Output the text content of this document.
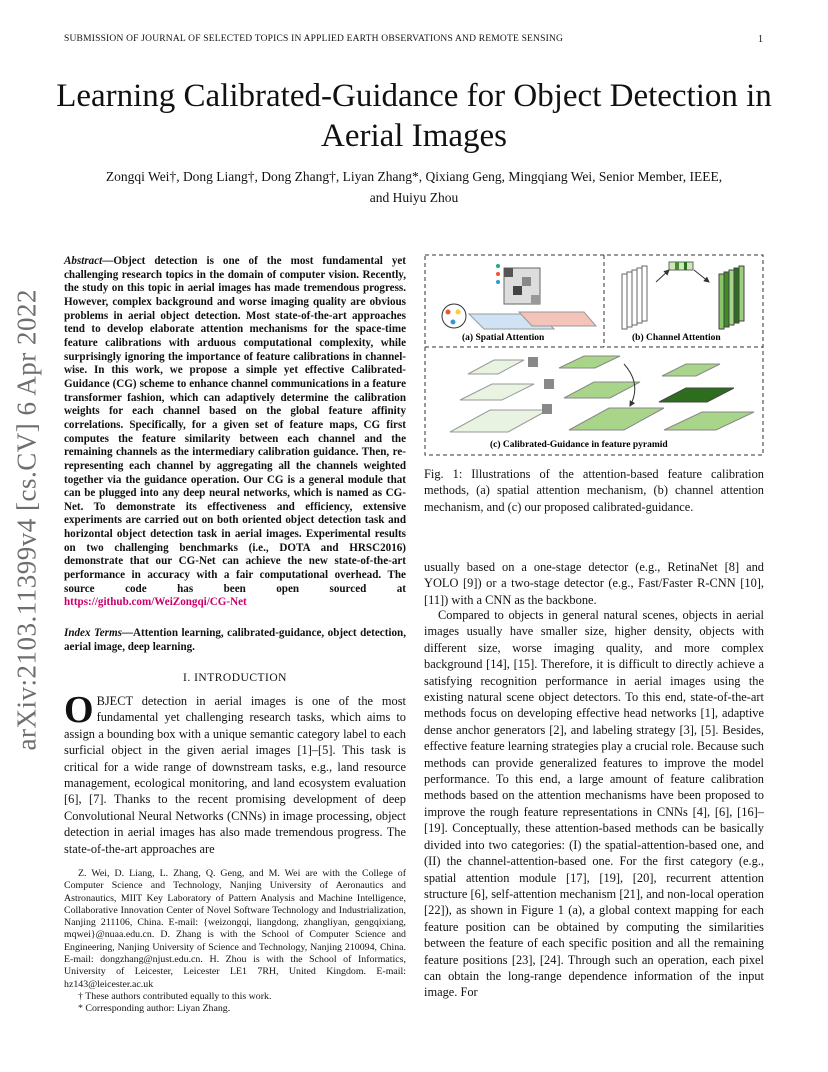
SUBMISSION OF JOURNAL OF SELECTED TOPICS IN APPLIED EARTH OBSERVATIONS AND REMOTE SENSING	1
Learning Calibrated-Guidance for Object Detection in Aerial Images
Zongqi Wei†, Dong Liang†, Dong Zhang†, Liyan Zhang*, Qixiang Geng, Mingqiang Wei, Senior Member, IEEE,
and Huiyu Zhou
arXiv:2103.11399v4 [cs.CV] 6 Apr 2022
Abstract—Object detection is one of the most fundamental yet challenging research topics in the domain of computer vision. Recently, the study on this topic in aerial images has made tremendous progress. However, complex background and worse imaging quality are obvious problems in aerial object detection. Most state-of-the-art approaches tend to develop elaborate attention mechanisms for the space-time feature calibrations with arduous computational complexity, while surprisingly ignoring the importance of feature calibrations in channel-wise. In this work, we propose a simple yet effective Calibrated-Guidance (CG) scheme to enhance channel communications in a feature transformer fashion, which can adaptively determine the calibration weights for each channel based on the global feature affinity correlations. Specifically, for a given set of feature maps, CG first computes the feature similarity between each channel and the remaining channels as the intermediary calibration guidance. Then, re-representing each channel by aggregating all the channels weighted together via the guidance operation. Our CG is a general module that can be plugged into any deep neural networks, which is named as CG-Net. To demonstrate its effectiveness and efficiency, extensive experiments are carried out on both oriented object detection task and horizontal object detection task in aerial images. Experimental results on two challenging benchmarks (i.e., DOTA and HRSC2016) demonstrate that our CG-Net can achieve the new state-of-the-art performance in accuracy with a fair computational overhead. The source code has been open sourced at https://github.com/WeiZongqi/CG-Net
Index Terms—Attention learning, calibrated-guidance, object detection, aerial image, deep learning.
I. INTRODUCTION
OBJECT detection in aerial images is one of the most fundamental yet challenging research tasks, which aims to assign a bounding box with a unique semantic category label to each surficial object in the given aerial images [1]–[5]. This task is critical for a wide range of downstream tasks, e.g., land resource management, ecological monitoring, and land ecosystem evaluation [6], [7]. Thanks to the recent promising development of deep Convolutional Neural Networks (CNNs) in image processing, object detection in aerial images has also made tremendous progress. The state-of-the-art approaches are
Z. Wei, D. Liang, L. Zhang, Q. Geng, and M. Wei are with the College of Computer Science and Technology, Nanjing University of Aeronautics and Astronautics, MIIT Key Laboratory of Pattern Analysis and Machine Intelligence, Collaborative Innovation Center of Novel Software Technology and Industrialization, Nanjing 211106, China. E-mail: {weizongqi, liangdong, zhangliyan, gengqixiang, mqwei}@nuaa.edu.cn. D. Zhang is with the School of Computer Science and Engineering, Nanjing University of Science and Technology, Nanjing 210094, China. E-mail: dongzhang@njust.edu.cn. H. Zhou is with the School of Informatics, University of Leicester, Leicester LE1 7RH, United Kingdom. E-mail: hz143@leicester.ac.uk
† These authors contributed equally to this work.
* Corresponding author: Liyan Zhang.
(a) Spatial Attention	(b) Channel Attention
(c) Calibrated-Guidance in feature pyramid
Fig. 1: Illustrations of the attention-based feature calibration methods, (a) spatial attention mechanism, (b) channel attention mechanism, and (c) our proposed calibrated-guidance.
usually based on a one-stage detector (e.g., RetinaNet [8] and YOLO [9]) or a two-stage detector (e.g., Fast/Faster R-CNN [10], [11]) with a CNN as the backbone.
Compared to objects in general natural scenes, objects in aerial images usually have smaller size, higher density, objects with different size, worse imaging quality, and more complex background [14], [15]. Therefore, it is difficult to directly achieve a satisfying recognition performance in aerial images using the existing natural scene object detectors. To this end, state-of-the-art methods focus on developing effective head networks [1], adaptive dense anchor generators [2], and labeling strategy [3], [5]. Besides, effective feature learning strategies play a crucial role. Because such methods can provide generalized features to improve the model performance. To this end, a large amount of feature calibration methods based on the attention mechanisms have been proposed to improve the rough feature representations in CNNs [4], [6], [16]–[19]. Conceptually, these attention-based methods can be basically divided into two categories: (I) the spatial-attention-based one, and (II) the channel-attention-based one. For the first category (e.g., spatial attention module [17], [19], [20], recurrent attention structure [6], self-attention mechanism [21], and non-local operation [22]), as shown in Figure 1 (a), a global context mapping for each feature position can be obtained by computing the similarities between the feature of each specific position and all the remaining feature positions [23], [24]. Through such an operation, each pixel can obtain the long-range dependence information of the input image. For
